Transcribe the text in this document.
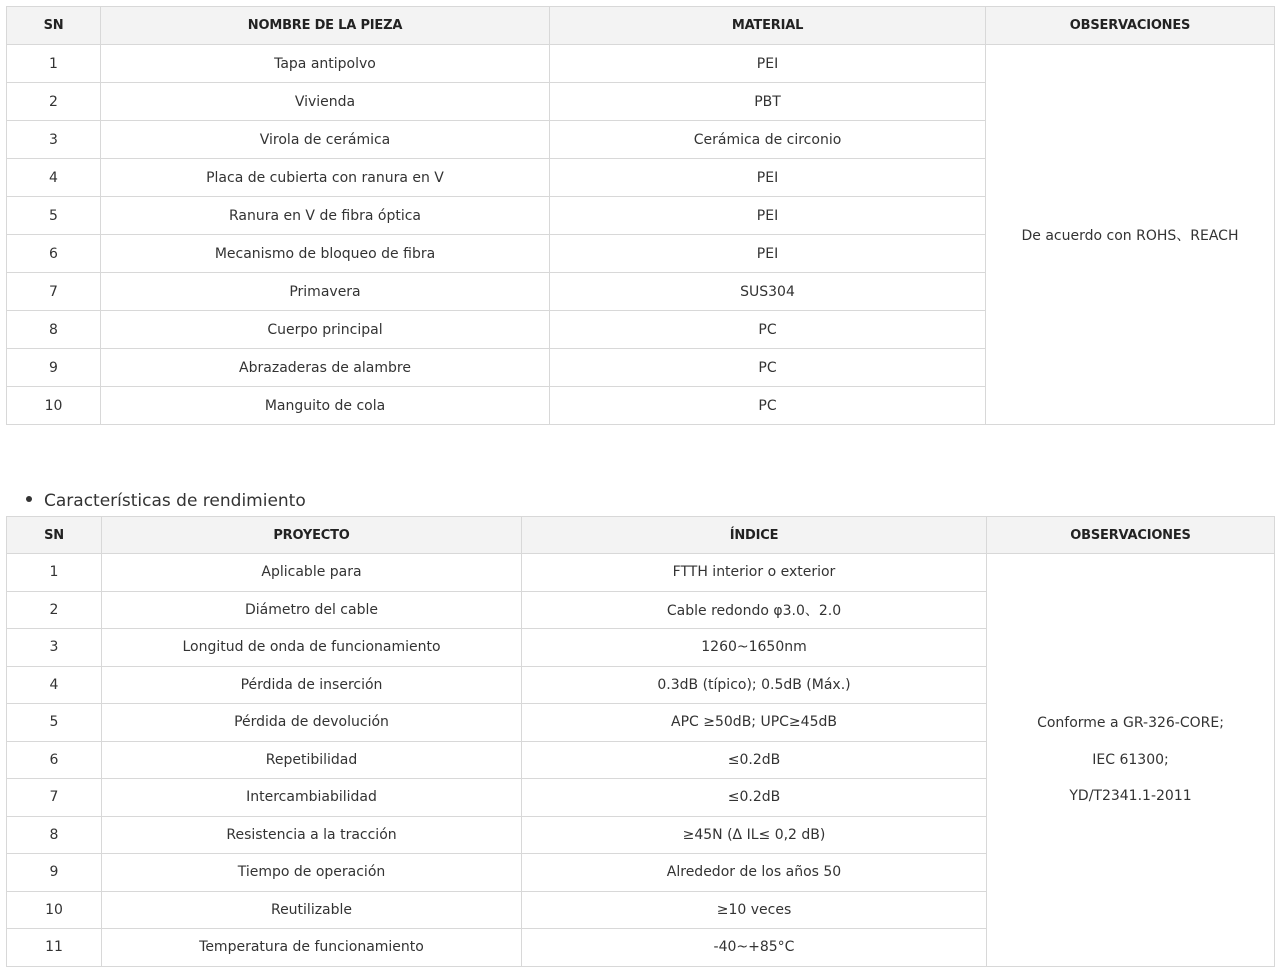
SN	NOMBRE DE LA PIEZA	MATERIAL	OBSERVACIONES
1	Tapa antipolvo	PEI	De acuerdo con ROHS、REACH
2	Vivienda	PBT	
3	Virola de cerámica	Cerámica de circonio	
4	Placa de cubierta con ranura en V	PEI	
5	Ranura en V de fibra óptica	PEI	
6	Mecanismo de bloqueo de fibra	PEI	
7	Primavera	SUS304	
8	Cuerpo principal	PC	
9	Abrazaderas de alambre	PC	
10	Manguito de cola	PC	
Características de rendimiento
SN	PROYECTO	ÍNDICE	OBSERVACIONES
1	Aplicable para	FTTH interior o exterior	Conforme a GR-326-CORE;

IEC 61300;

YD/T2341.1-2011

2	Diámetro del cable	Cable redondo φ3.0、2.0	
3	Longitud de onda de funcionamiento	1260~1650nm	
4	Pérdida de inserción	0.3dB (típico); 0.5dB (Máx.)	
5	Pérdida de devolución	APC ≥50dB; UPC≥45dB	
6	Repetibilidad	≤0.2dB	
7	Intercambiabilidad	≤0.2dB	
8	Resistencia a la tracción	≥45N (Δ IL≤ 0,2 dB)	
9	Tiempo de operación	Alrededor de los años 50	
10	Reutilizable	≥10 veces	
11	Temperatura de funcionamiento	-40~+85°C	
